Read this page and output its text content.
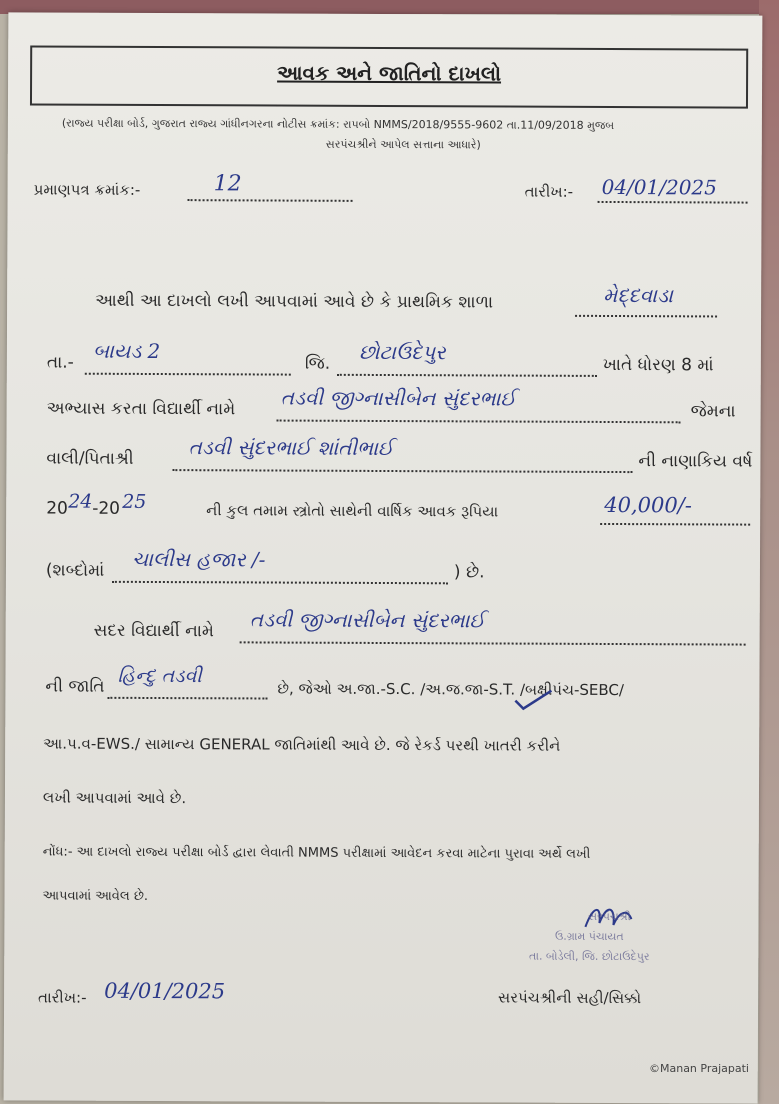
આવક અને જાતિનો દાખલો
(રાજ્ય પરીક્ષા બોર્ડ, ગુજરાત રાજ્ય ગાંધીનગરના નોટીસ ક્રમાંક: રાપબો NMMS/2018/9555-9602 તા.11/09/2018 મુજબ
સરપંચશ્રીને આપેલ સત્તાના આધારે)
પ્રમાણપત્ર ક્રમાંક:-	12	તારીખ:- 04/01/2025
આથી આ દાખલો લખી આપવામાં આવે છે કે પ્રાથમિક શાળા	મેદ્દવાડા
તા.- બાયડ 2
જિ. છોટાઉદેપુર
ખાતે ધોરણ 8 માં
અભ્યાસ કરતા વિદ્યાર્થી નામે તડવી જીગ્નાસીબેન સુંદરભાઈ
જેમના
વાલી/પિતાશ્રી	તડવી સુંદરભાઈ શાંતીભાઈ
ની નાણાકિય વર્ષ
20 24 -20 25	ની કુલ તમામ સ્ત્રોતો સાથેની વાર્ષિક આવક રૂપિયા	40,000/-
(શબ્દોમાં ચાલીસ હજાર /-
) છે.
સદર વિદ્યાર્થી નામે તડવી જીગ્નાસીબેન સુંદરભાઈ
ની જાતિ હિન્દુ તડવી
છે, જેઓ અ.જા.-S.C. /અ.જ.જા-S.T. /બક્ષીપંચ-SEBC/
આ.પ.વ-EWS./ સામાન્ય GENERAL જાતિમાંથી આવે છે. જે રેકર્ડ પરથી ખાતરી કરીને
લખી આપવામાં આવે છે.
નોંધ:- આ દાખલો રાજ્ય પરીક્ષા બોર્ડ દ્વારા લેવાતી NMMS પરીક્ષામાં આવેદન કરવા માટેના પુરાવા અર્થે લખી
આપવામાં આવેલ છે.
સરપંચશ્રી
ઉ.ગ્રામ પંચાયત
તા. બોડેલી, જિ. છોટાઉદેપુર
તારીખ:- 04/01/2025	સરપંચશ્રીની સહી/સિક્કો
©Manan Prajapati
